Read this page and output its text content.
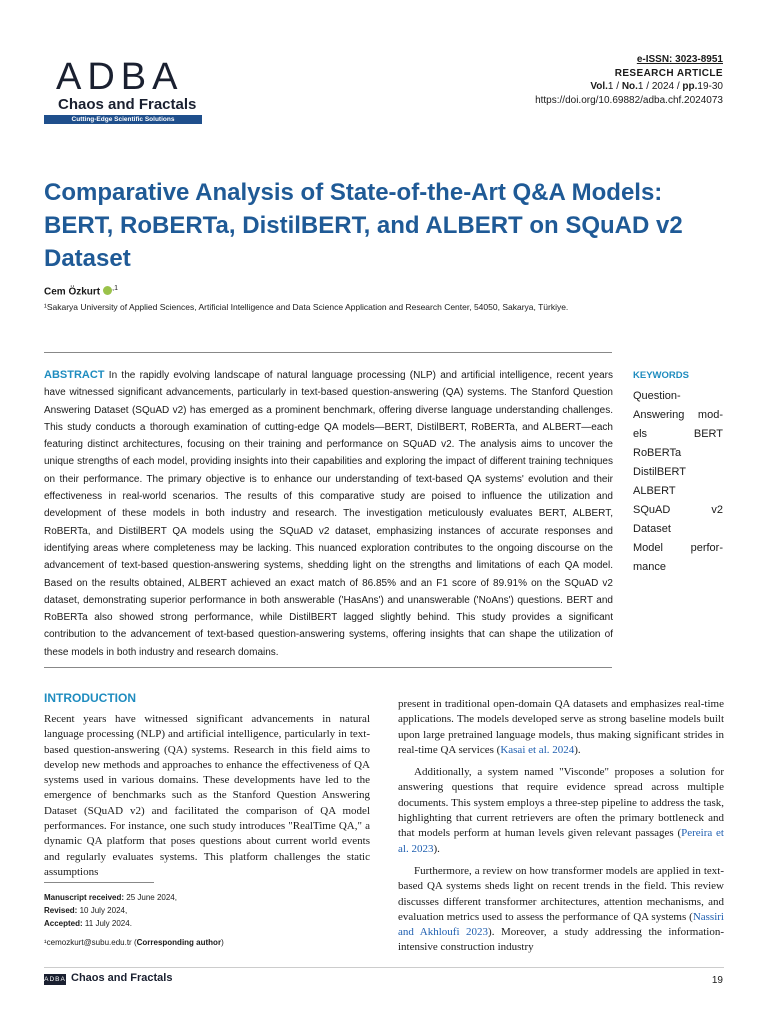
ADBA
Chaos and Fractals
Cutting-Edge Scientific Solutions
e-ISSN: 3023-8951
RESEARCH ARTICLE
Vol.1 / No.1 / 2024 / pp.19-30
https://doi.org/10.69882/adba.chf.2024073
Comparative Analysis of State-of-the-Art Q&A Models: BERT, RoBERTa, DistilBERT, and ALBERT on SQuAD v2 Dataset
Cem Özkurt $^{,1}$
¹Sakarya University of Applied Sciences, Artificial Intelligence and Data Science Application and Research Center, 54050, Sakarya, Türkiye.
ABSTRACT In the rapidly evolving landscape of natural language processing (NLP) and artificial intelligence, recent years have witnessed significant advancements, particularly in text-based question-answering (QA) systems. The Stanford Question Answering Dataset (SQuAD v2) has emerged as a prominent benchmark, offering diverse language understanding challenges. This study conducts a thorough examination of cutting-edge QA models—BERT, DistilBERT, RoBERTa, and ALBERT—each featuring distinct architectures, focusing on their training and performance on SQuAD v2. The analysis aims to uncover the unique strengths of each model, providing insights into their capabilities and exploring the impact of different training techniques on their performance. The primary objective is to enhance our understanding of text-based QA systems' evolution and their effectiveness in real-world scenarios. The results of this comparative study are poised to influence the utilization and development of these models in both industry and research. The investigation meticulously evaluates BERT, ALBERT, RoBERTa, and DistilBERT QA models using the SQuAD v2 dataset, emphasizing instances of accurate responses and identifying areas where completeness may be lacking. This nuanced exploration contributes to the ongoing discourse on the advancement of text-based question-answering systems, shedding light on the strengths and limitations of each QA model. Based on the results obtained, ALBERT achieved an exact match of 86.85% and an F1 score of 89.91% on the SQuAD v2 dataset, demonstrating superior performance in both answerable ('HasAns') and unanswerable ('NoAns') questions. BERT and RoBERTa also showed strong performance, while DistilBERT lagged slightly behind. This study provides a significant contribution to the advancement of text-based question-answering systems, offering insights that can shape the utilization of these models in both industry and research domains.
KEYWORDS
Question-
Answering mod-
els BERT
RoBERTa
DistilBERT
ALBERT
SQuAD v2
Dataset
Model perfor-
mance
INTRODUCTION
Recent years have witnessed significant advancements in natural language processing (NLP) and artificial intelligence, particularly in text-based question-answering (QA) systems. Research in this field aims to develop new methods and approaches to enhance the effectiveness of QA systems used in various domains. These developments have led to the emergence of benchmarks such as the Stanford Question Answering Dataset (SQuAD v2) and facilitated the comparison of QA model performances. For instance, one such study introduces "RealTime QA," a dynamic QA platform that poses questions about current world events and regularly evaluates systems. This platform challenges the static assumptions

present in traditional open-domain QA datasets and emphasizes real-time applications. The models developed serve as strong baseline models built upon large pretrained language models, thus making significant strides in real-time QA services (Kasai et al. 2024).

Additionally, a system named "Visconde" proposes a solution for answering questions that require evidence spread across multiple documents. This system employs a three-step pipeline to address the task, highlighting that current retrievers are often the primary bottleneck and that models perform at human levels given relevant passages (Pereira et al. 2023).

Furthermore, a review on how transformer models are applied in text-based QA systems sheds light on recent trends in the field. This review discusses different transformer architectures, attention mechanisms, and evaluation metrics used to assess the performance of QA systems (Nassiri and Akhloufi 2023). Moreover, a study addressing the information-intensive construction industry

Manuscript received: 25 June 2024,
Revised: 10 July 2024,
Accepted: 11 July 2024.
¹cemozkurt@subu.edu.tr (Corresponding author)
ADBA Chaos and Fractals	19
